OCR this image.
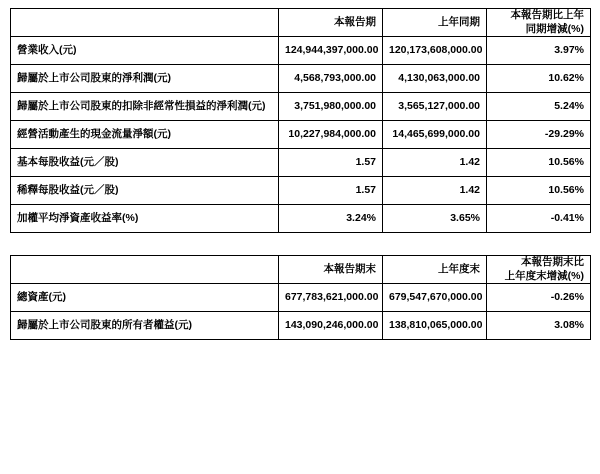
	本報告期	上年同期	本報告期比上年
同期增減(%)

營業收入(元)	124,944,397,000.00	120,173,608,000.00	3.97%
歸屬於上市公司股東的淨利潤(元)	4,568,793,000.00	4,130,063,000.00	10.62%
歸屬於上市公司股東的扣除非經常性損益的淨利潤(元)	3,751,980,000.00	3,565,127,000.00	5.24%
經營活動產生的現金流量淨額(元)	10,227,984,000.00	14,465,699,000.00	-29.29%
基本每股收益(元／股)	1.57	1.42	10.56%
稀釋每股收益(元／股)	1.57	1.42	10.56%
加權平均淨資產收益率(%)	3.24%	3.65%	-0.41%
	本報告期末	上年度末	本報告期末比
上年度末增減(%)

總資產(元)	677,783,621,000.00	679,547,670,000.00	-0.26%
歸屬於上市公司股東的所有者權益(元)	143,090,246,000.00	138,810,065,000.00	3.08%
